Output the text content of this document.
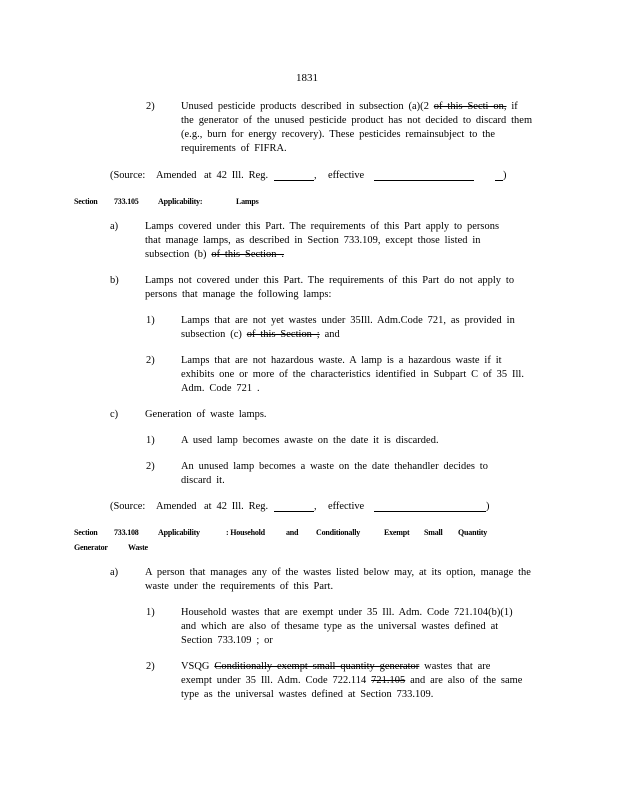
1831
2)	Unused pesticide products described in subsection (a)(2 of this Secti on, if
the generator of the unused pesticide product has not decided to discard them
(e.g., burn for energy recovery). These pesticides remainsubject to the
requirements of FIFRA.
(Source: Amended at 42 Ill. Reg.	, effective	)
Section 733.105 Applicability:	Lamps
a)	Lamps covered under this Part. The requirements of this Part apply to persons
that manage lamps, as described in Section 733.109, except those listed in
subsection (b) of this Section .
b)	Lamps not covered under this Part. The requirements of this Part do not apply to
persons that manage the following lamps:
1)	Lamps that are not yet wastes under 35Ill. Adm.Code 721, as provided in
subsection (c) of this Section ; and
2)	Lamps that are not hazardous waste. A lamp is a hazardous waste if it
exhibits one or more of the characteristics identified in Subpart C of 35 Ill.
Adm. Code 721 .
c)	Generation of waste lamps.
1)	A used lamp becomes awaste on the date it is discarded.
2)	An unused lamp becomes a waste on the date thehandler decides to
discard it.
(Source: Amended at 42 Ill. Reg.	, effective	)
Section 733.108 Applicability	: Household	and Conditionally	Exempt Small Quantity
Generator	Waste
a)	A person that manages any of the wastes listed below may, at its option, manage the
waste under the requirements of this Part.
1)	Household wastes that are exempt under 35 Ill. Adm. Code 721.104(b)(1)
and which are also of thesame type as the universal wastes defined at
Section 733.109 ; or
2)	VSQG Conditionally exempt small quantity generator wastes that are
exempt under 35 Ill. Adm. Code 722.114 721.105 and are also of the same
type as the universal wastes defined at Section 733.109.
